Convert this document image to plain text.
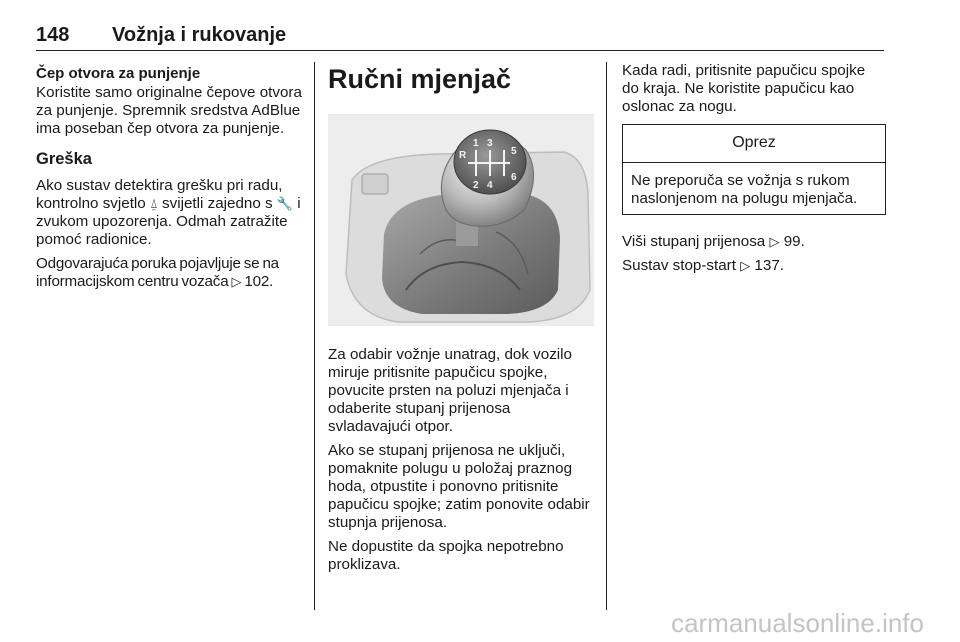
148 Vožnja i rukovanje
Čep otvora za punjenje

Koristite samo originalne čepove otvora za punjenje. Spremnik sredstva AdBlue ima poseban čep otvora za punjenje.

Greška

Ako sustav detektira grešku pri radu, kontrolno svjetlo ⍙ svijetli zajedno s 🔧 i zvukom upozorenja. Odmah zatražite pomoć radionice.

Odgovarajuća poruka pojavljuje se na informacijskom centru vozača ▷ 102.

Ručni mjenjač
R
1 3
5
2 4
6

Za odabir vožnje unatrag, dok vozilo miruje pritisnite papučicu spojke, povucite prsten na poluzi mjenjača i odaberite stupanj prijenosa svladavajući otpor.

Ako se stupanj prijenosa ne uključi, pomaknite polugu u položaj praznog hoda, otpustite i ponovno pritisnite papučicu spojke; zatim ponovite odabir stupnja prijenosa.

Ne dopustite da spojka nepotrebno proklizava.

Kada radi, pritisnite papučicu spojke do kraja. Ne koristite papučicu kao oslonac za nogu.

Oprez

Ne preporuča se vožnja s rukom naslonjenom na polugu mjenjača.

Viši stupanj prijenosa ▷ 99.

Sustav stop-start ▷ 137.

carmanualsonline.info
